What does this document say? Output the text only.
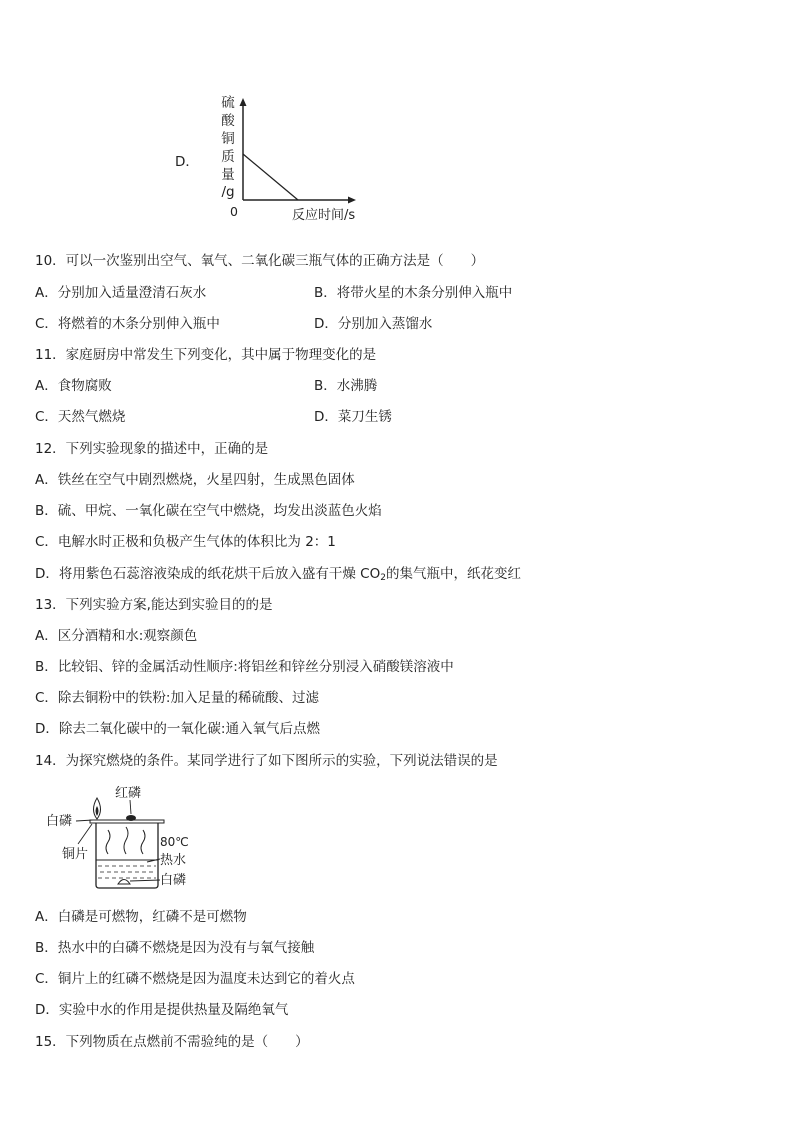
D．
硫
酸
铜
质
量
/g
0	反应时间/s
10．可以一次鉴别出空气、氧气、二氧化碳三瓶气体的正确方法是（　　）
A．分别加入适量澄清石灰水	B．将带火星的木条分别伸入瓶中
C．将燃着的木条分别伸入瓶中	D．分别加入蒸馏水
11．家庭厨房中常发生下列变化，其中属于物理变化的是
A．食物腐败	B．水沸腾
C．天然气燃烧	D．菜刀生锈
12．下列实验现象的描述中，正确的是
A．铁丝在空气中剧烈燃烧，火星四射，生成黑色固体
B．硫、甲烷、一氧化碳在空气中燃烧，均发出淡蓝色火焰
C．电解水时正极和负极产生气体的体积比为 2：1
D．将用紫色石蕊溶液染成的纸花烘干后放入盛有干燥 $CO_2$的集气瓶中，纸花变红
13．下列实验方案,能达到实验目的的是
A．区分酒精和水:观察颜色
B．比较铝、锌的金属活动性顺序:将铝丝和锌丝分别浸入硝酸镁溶液中
C．除去铜粉中的铁粉:加入足量的稀硫酸、过滤
D．除去二氧化碳中的一氧化碳:通入氧气后点燃
14．为探究燃烧的条件。某同学进行了如下图所示的实验，下列说法错误的是
红磷
白磷
铜片
80℃
热水
白磷
A．白磷是可燃物，红磷不是可燃物
B．热水中的白磷不燃烧是因为没有与氧气接触
C．铜片上的红磷不燃烧是因为温度未达到它的着火点
D．实验中水的作用是提供热量及隔绝氧气
15．下列物质在点燃前不需验纯的是（　　）
